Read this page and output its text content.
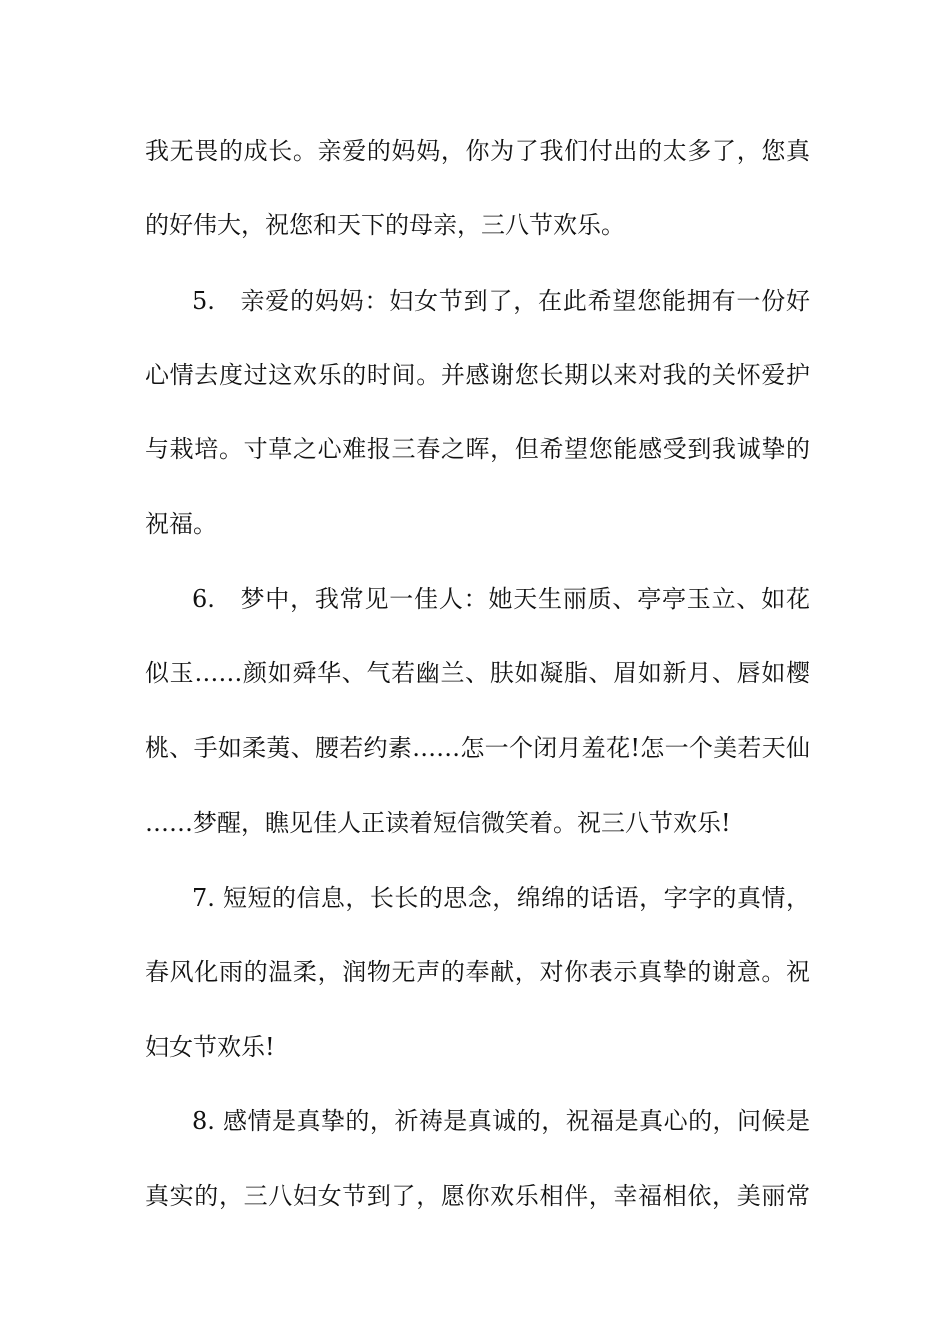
我无畏的成长。亲爱的妈妈，你为了我们付出的太多了，您真
的好伟大，祝您和天下的母亲，三八节欢乐。
5.　亲爱的妈妈：妇女节到了，在此希望您能拥有一份好
心情去度过这欢乐的时间。并感谢您长期以来对我的关怀爱护
与栽培。寸草之心难报三春之晖，但希望您能感受到我诚挚的
祝福。
6.　梦中，我常见一佳人：她天生丽质、亭亭玉立、如花
似玉……颜如舜华、气若幽兰、肤如凝脂、眉如新月、唇如樱
桃、手如柔荑、腰若约素……怎一个闭月羞花!怎一个美若天仙
……梦醒，瞧见佳人正读着短信微笑着。祝三八节欢乐!
7. 短短的信息，长长的思念，绵绵的话语，字字的真情，
春风化雨的温柔，润物无声的奉献，对你表示真挚的谢意。祝
妇女节欢乐!
8. 感情是真挚的，祈祷是真诚的，祝福是真心的，问候是
真实的，三八妇女节到了，愿你欢乐相伴，幸福相依，美丽常
